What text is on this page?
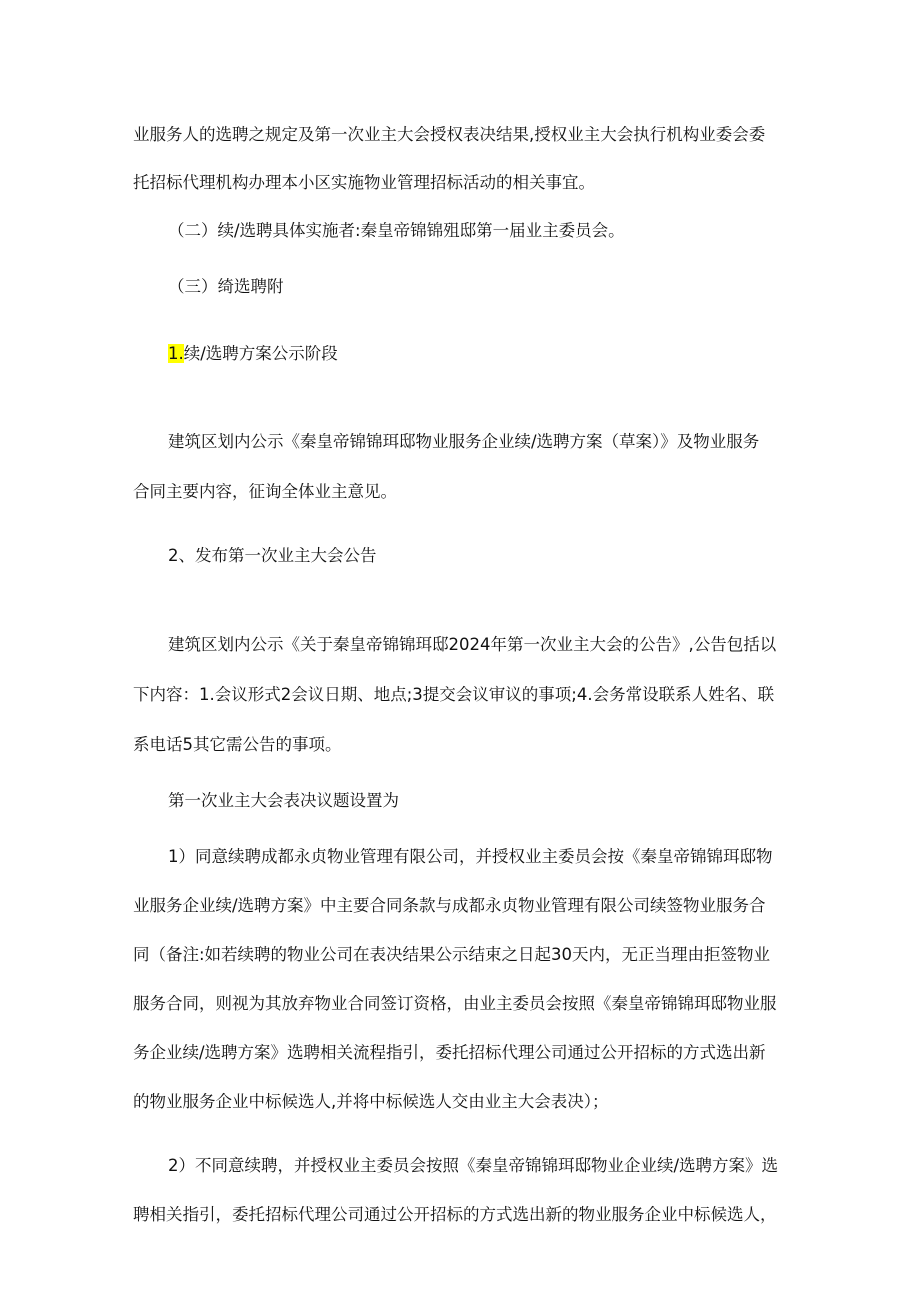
业服务人的选聘之规定及第一次业主大会授权表决结果,授权业主大会执行机构业委会委
托招标代理机构办理本小区实施物业管理招标活动的相关事宜。
（二）续/选聘具体实施者:秦皇帝锦锦殂邸第一届业主委员会。
（三）绮选聘附
1.续/选聘方案公示阶段
建筑区划内公示《秦皇帝锦锦珥邸物业服务企业续/选聘方案（草案）》及物业服务
合同主要内容，征询全体业主意见。
2、发布第一次业主大会公告
建筑区划内公示《关于秦皇帝锦锦珥邸2024年第一次业主大会的公告》,公告包括以
下内容：1.会议形式2会议日期、地点;3提交会议审议的事项;4.会务常设联系人姓名、联
系电话5其它需公告的事项。
第一次业主大会表决议题设置为
1）同意续聘成都永贞物业管理有限公司，并授权业主委员会按《秦皇帝锦锦珥邸物
业服务企业续/选聘方案》中主要合同条款与成都永贞物业管理有限公司续签物业服务合
同（备注:如若续聘的物业公司在表决结果公示结束之日起30天内，无正当理由拒签物业
服务合同，则视为其放弃物业合同签订资格，由业主委员会按照《秦皇帝锦锦珥邸物业服
务企业续/选聘方案》选聘相关流程指引，委托招标代理公司通过公开招标的方式选出新
的物业服务企业中标候选人,并将中标候选人交由业主大会表决）；
2）不同意续聘，并授权业主委员会按照《秦皇帝锦锦珥邸物业企业续/选聘方案》选
聘相关指引，委托招标代理公司通过公开招标的方式选出新的物业服务企业中标候选人，
